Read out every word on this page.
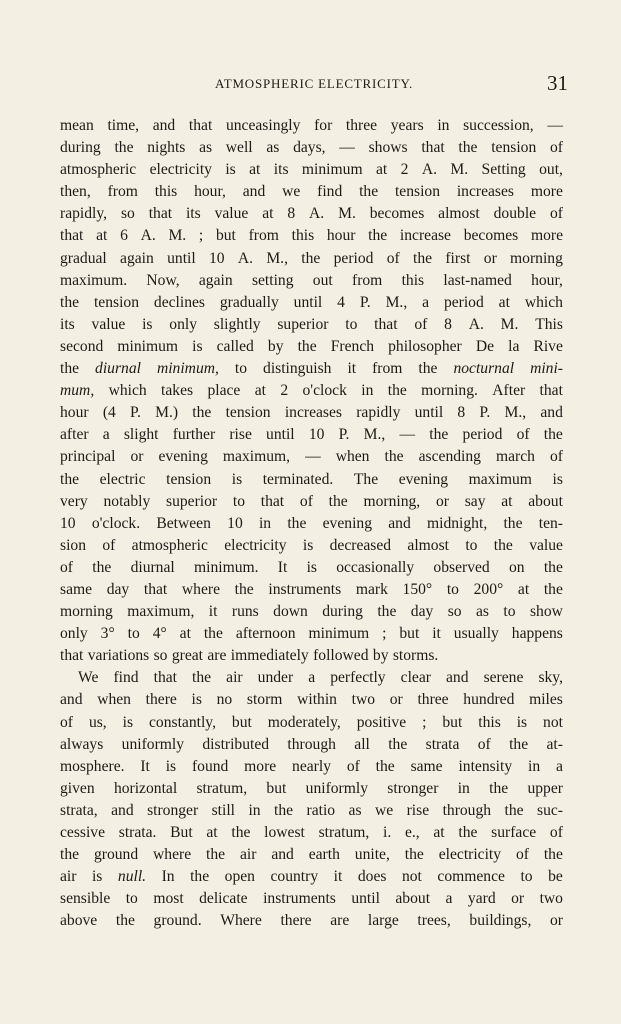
ATMOSPHERIC ELECTRICITY.	31
mean time, and that unceasingly for three years in succession, —
during the nights as well as days, — shows that the tension of
atmospheric electricity is at its minimum at 2 A. M. Setting out,
then, from this hour, and we find the tension increases more
rapidly, so that its value at 8 A. M. becomes almost double of
that at 6 A. M. ; but from this hour the increase becomes more
gradual again until 10 A. M., the period of the first or morning
maximum. Now, again setting out from this last-named hour,
the tension declines gradually until 4 P. M., a period at which
its value is only slightly superior to that of 8 A. M. This
second minimum is called by the French philosopher De la Rive
the diurnal minimum, to distinguish it from the nocturnal mini-
mum, which takes place at 2 o'clock in the morning. After that
hour (4 P. M.) the tension increases rapidly until 8 P. M., and
after a slight further rise until 10 P. M., — the period of the
principal or evening maximum, — when the ascending march of
the electric tension is terminated. The evening maximum is
very notably superior to that of the morning, or say at about
10 o'clock. Between 10 in the evening and midnight, the ten-
sion of atmospheric electricity is decreased almost to the value
of the diurnal minimum. It is occasionally observed on the
same day that where the instruments mark 150° to 200° at the
morning maximum, it runs down during the day so as to show
only 3° to 4° at the afternoon minimum ; but it usually happens
that variations so great are immediately followed by storms.
We find that the air under a perfectly clear and serene sky,
and when there is no storm within two or three hundred miles
of us, is constantly, but moderately, positive ; but this is not
always uniformly distributed through all the strata of the at-
mosphere. It is found more nearly of the same intensity in a
given horizontal stratum, but uniformly stronger in the upper
strata, and stronger still in the ratio as we rise through the suc-
cessive strata. But at the lowest stratum, i. e., at the surface of
the ground where the air and earth unite, the electricity of the
air is null. In the open country it does not commence to be
sensible to most delicate instruments until about a yard or two
above the ground. Where there are large trees, buildings, or
